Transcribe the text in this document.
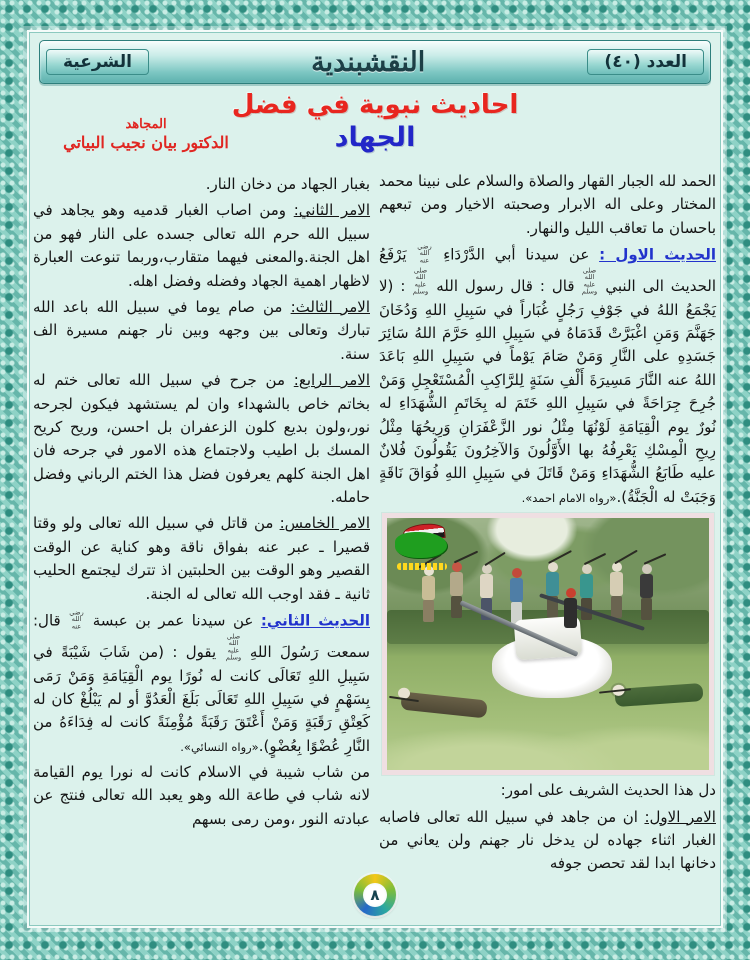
العدد (٤٠)
النقشبندية
الشرعية
احاديث نبوية في فضل
الجهاد
المجاهد
الدكتور بيان نجيب البياتي

الحمد لله الجبار القهار والصلاة والسلام على نبينا محمد المختار وعلى اله الابرار وصحبته الاخيار ومن تبعهم باحسان ما تعاقب الليل والنهار.

الحديث الاول : عن سيدنا أبي الدَّرْدَاءِ رضي الله عنه يَرْفَعُ الحديث الى النبي صلى الله عليه وسلم قال : قال رسول الله صلى الله عليه وسلم : (لا يَجْمَعُ اللهُ في جَوْفِ رَجُلٍ غُبَاراً في سَبِيلِ اللهِ وَدُخَانَ جَهَنَّمَ وَمَنِ اغْبَرَّتْ قَدَمَاهُ في سَبِيلِ اللهِ حَرَّمَ اللهُ سَائِرَ جَسَدِهِ على النَّارِ وَمَنْ صَامَ يَوْماً في سَبِيلِ اللهِ بَاعَدَ اللهُ عنه النَّارَ مَسِيرَةَ أَلْفِ سَنَةٍ لِلرَّاكِبِ الْمُسْتَعْجِلِ وَمَنْ جُرِحَ جِرَاحَةً في سَبِيلِ اللهِ خَتَمَ له بِخَاتَمِ الشُّهَدَاءِ له نُورٌ يوم الْقِيَامَةِ لَوْنُهَا مِثْلُ نور الزَّعْفَرَانِ وَرِيحُهَا مِثْلُ رِيحِ الْمِسْكِ يَعْرِفُهُ بها الأَوَّلُونَ وَالآخِرُونَ يَقُولُونَ فُلانٌ عليه طَابَعُ الشُّهَدَاءِ وَمَنْ قَاتَلَ في سَبِيلِ اللهِ فُوَاقَ نَاقَةٍ وَجَبَتْ له الْجَنَّةُ).«رواه الامام احمد».

دل هذا الحديث الشريف على امور:

الامر الاول: ان من جاهد في سبيل الله تعالى فاصابه الغبار اثناء جهاده لن يدخل نار جهنم ولن يعاني من دخانها ابدا لقد تحصن جوفه

بغبار الجهاد من دخان النار.

الامر الثاني: ومن اصاب الغبار قدميه وهو يجاهد في سبيل الله حرم الله تعالى جسده على النار فهو من اهل الجنة.والمعنى فيهما متقارب،وربما تنوعت العبارة لاظهار اهمية الجهاد وفضله وفضل اهله.

الامر الثالث: من صام يوما في سبيل الله باعد الله تبارك وتعالى بين وجهه وبين نار جهنم مسيرة الف سنة.

الامر الرابع: من جرح في سبيل الله تعالى ختم له بخاتم خاص بالشهداء وان لم يستشهد فيكون لجرحه نور،ولون بديع كلون الزعفران بل احسن، وريح كريح المسك بل اطيب ولاجتماع هذه الامور في جرحه فان اهل الجنة كلهم يعرفون فضل هذا الختم الرباني وفضل حامله.

الامر الخامس: من قاتل في سبيل الله تعالى ولو وقتا قصيرا ـ عبر عنه بفواق ناقة وهو كناية عن الوقت القصير وهو الوقت بين الحلبتين اذ تترك ليجتمع الحليب ثانية ـ فقد اوجب الله تعالى له الجنة.

الحديث الثاني: عن سيدنا عمر بن عبسة رضي الله عنه قال: سمعت رَسُولَ اللهِ صلى الله عليه وسلم يقول : (من شَابَ شَيْبَةً في سَبِيلِ اللهِ تَعَالَى كانت له نُورًا يوم الْقِيَامَةِ وَمَنْ رَمَى بِسَهْمٍ في سَبِيلِ اللهِ تَعَالَى بَلَغَ الْعَدُوَّ أو لم يَبْلُغْ كان له كَعِتْقِ رَقَبَةٍ وَمَنْ أَعْتَقَ رَقَبَةً مُؤْمِنَةً كانت له فِدَاءَهُ من النَّارِ عُضْوًا بِعُضْوٍ).«رواه النسائي».

من شاب شيبة في الاسلام كانت له نورا يوم القيامة لانه شاب في طاعة الله وهو يعبد الله تعالى فنتج عن عبادته النور ،ومن رمى بسهم

٨
